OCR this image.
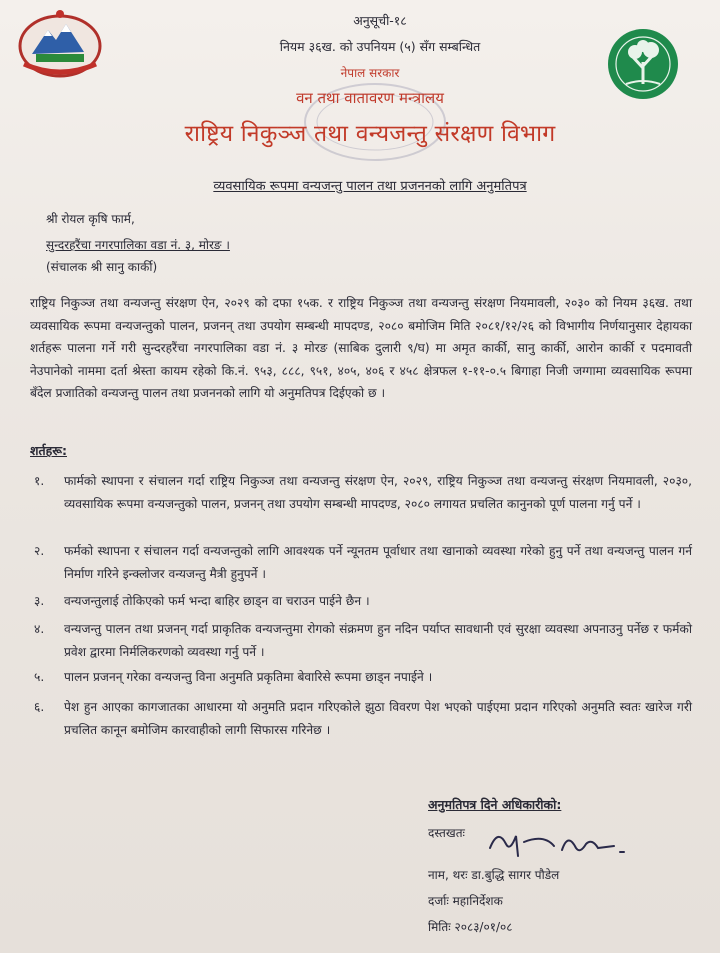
अनुसूची-१८
नियम ३६ख. को उपनियम (५) सँग सम्बन्धित
नेपाल सरकार
वन तथा वातावरण मन्त्रालय
राष्ट्रिय निकुञ्ज तथा वन्यजन्तु संरक्षण विभाग
व्यवसायिक रूपमा वन्यजन्तु पालन तथा प्रजननको लागि अनुमतिपत्र
श्री रोयल कृषि फार्म,
सुन्दरहरैंचा नगरपालिका वडा नं. ३, मोरङ ।
(संचालक श्री सानु कार्की)
राष्ट्रिय निकुञ्ज तथा वन्यजन्तु संरक्षण ऐन, २०२९ को दफा १५क. र राष्ट्रिय निकुञ्ज तथा वन्यजन्तु संरक्षण नियमावली, २०३० को नियम ३६ख. तथा व्यवसायिक रूपमा वन्यजन्तुको पालन, प्रजनन् तथा उपयोग सम्बन्धी मापदण्ड, २०८० बमोजिम मिति २०८१/१२/२६ को विभागीय निर्णयानुसार देहायका शर्तहरू पालना गर्ने गरी सुन्दरहरैंचा नगरपालिका वडा नं. ३ मोरङ (साबिक दुलारी ९/घ) मा अमृत कार्की, सानु कार्की, आरोन कार्की र पदमावती नेउपानेको नाममा दर्ता श्रेस्ता कायम रहेको कि.नं. ९५३, ८८८, ९५१, ४०५, ४०६ र ४५८ क्षेत्रफल १-११-०.५ बिगाहा निजी जग्गामा व्यवसायिक रूपमा बँदेल प्रजातिको वन्यजन्तु पालन तथा प्रजननको लागि यो अनुमतिपत्र दिईएको छ ।
शर्तहरू:
१. फार्मको स्थापना र संचालन गर्दा राष्ट्रिय निकुञ्ज तथा वन्यजन्तु संरक्षण ऐन, २०२९, राष्ट्रिय निकुञ्ज तथा वन्यजन्तु संरक्षण नियमावली, २०३०, व्यवसायिक रूपमा वन्यजन्तुको पालन, प्रजनन् तथा उपयोग सम्बन्धी मापदण्ड, २०८० लगायत प्रचलित कानुनको पूर्ण पालना गर्नु पर्ने ।
२. फर्मको स्थापना र संचालन गर्दा वन्यजन्तुको लागि आवश्यक पर्ने न्यूनतम पूर्वाधार तथा खानाको व्यवस्था गरेको हुनु पर्ने तथा वन्यजन्तु पालन गर्न निर्माण गरिने इन्क्लोजर वन्यजन्तु मैत्री हुनुपर्ने ।
३. वन्यजन्तुलाई तोकिएको फर्म भन्दा बाहिर छाड्न वा चराउन पाईने छैन ।
४. वन्यजन्तु पालन तथा प्रजनन् गर्दा प्राकृतिक वन्यजन्तुमा रोगको संक्रमण हुन नदिन पर्याप्त सावधानी एवं सुरक्षा व्यवस्था अपनाउनु पर्नेछ र फर्मको प्रवेश द्वारमा निर्मलिकरणको व्यवस्था गर्नु पर्ने ।
५. पालन प्रजनन् गरेका वन्यजन्तु विना अनुमति प्रकृतिमा बेवारिसे रूपमा छाड्न नपाईने ।
६. पेश हुन आएका कागजातका आधारमा यो अनुमति प्रदान गरिएकोले झुठा विवरण पेश भएको पाईएमा प्रदान गरिएको अनुमति स्वतः खारेज गरी प्रचलित कानून बमोजिम कारवाहीको लागी सिफारस गरिनेछ ।
अनुमतिपत्र दिने अधिकारीको:
दस्तखतः
नाम, थरः डा.बुद्धि सागर पौडेल
दर्जाः महानिर्देशक
मितिः २०८३/०१/०८
